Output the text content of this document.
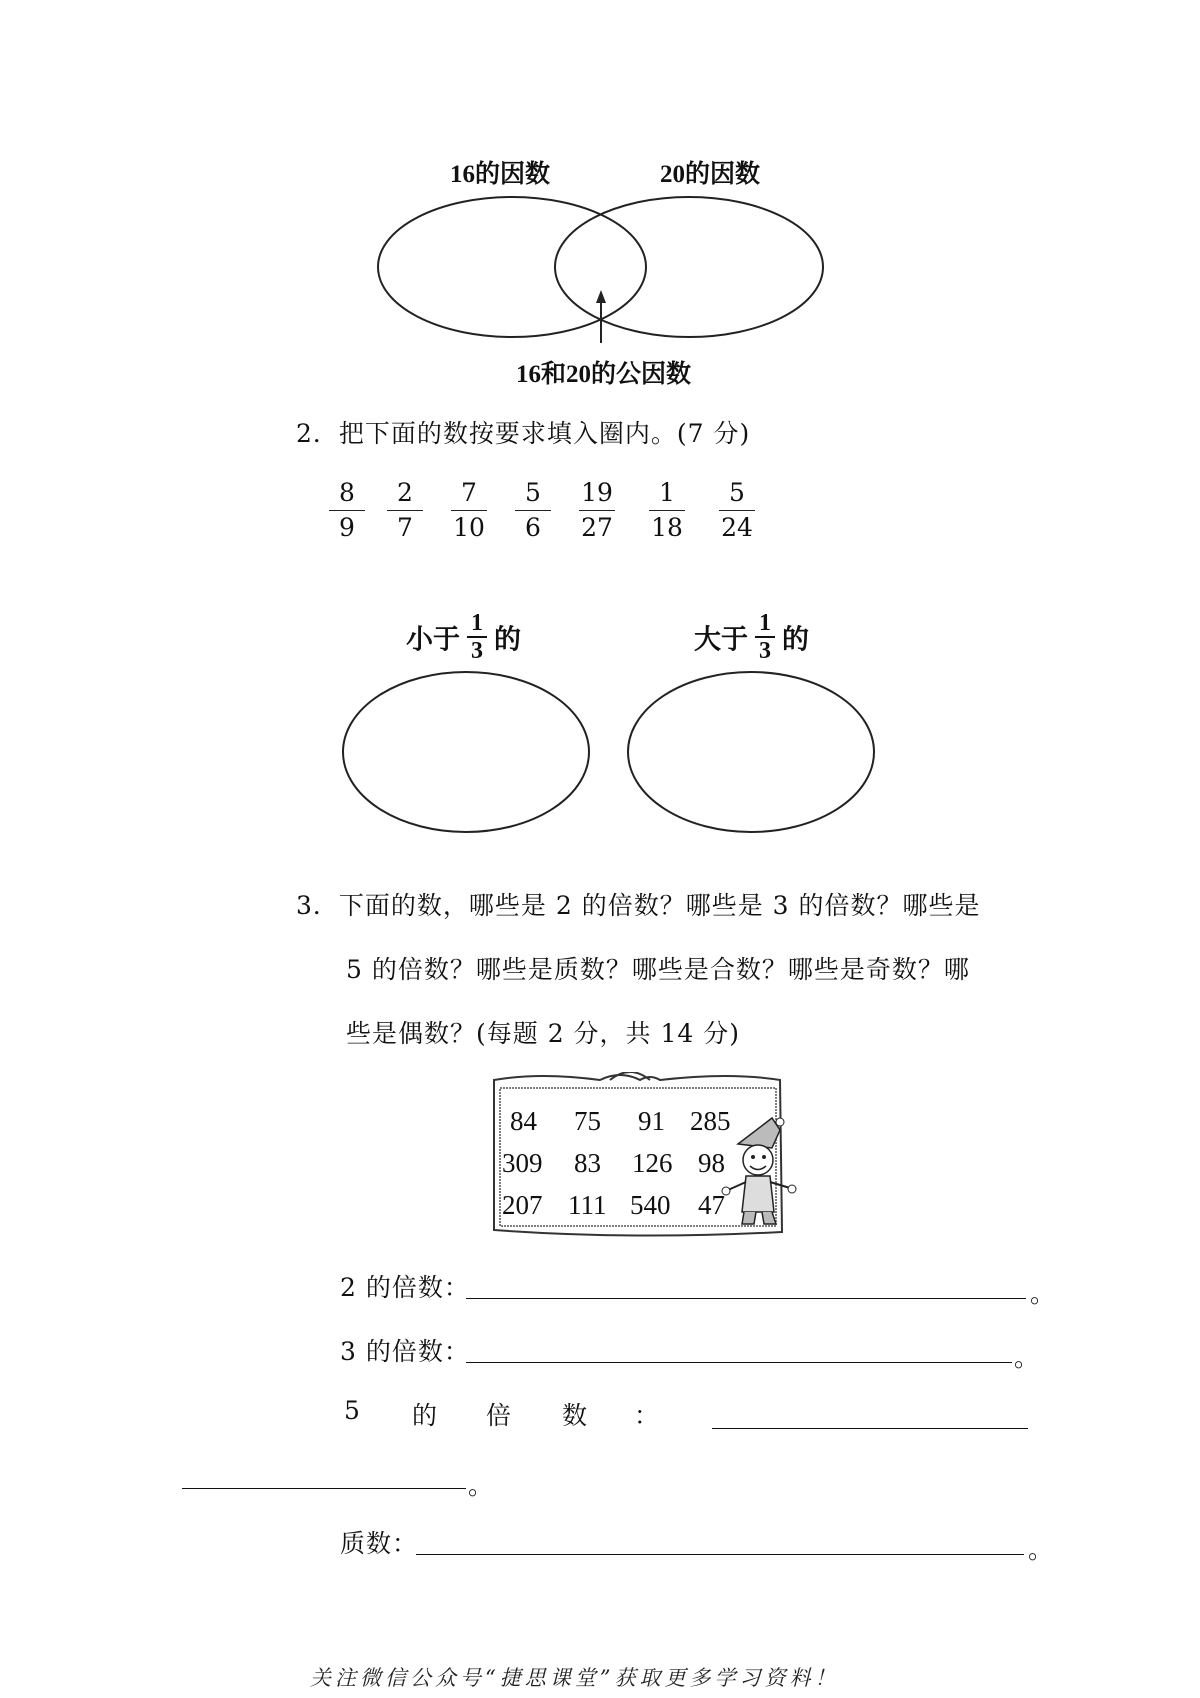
16的因数	20的因数
16和20的公因数
2．把下面的数按要求填入圈内。(7 分)
8
9
2
7
7
10
5
6
19
27
1
18
5
24
小于 $\frac{1}{3}$ 的	大于 $\frac{1}{3}$ 的
3．下面的数，哪些是 2 的倍数？哪些是 3 的倍数？哪些是
5 的倍数？哪些是质数？哪些是合数？哪些是奇数？哪
些是偶数？(每题 2 分，共 14 分)
84 75 91 285
309 83 126 98
207 111 540 47
2 的倍数：	。
3 的倍数：	。
5 的 倍 数 ：
。
质数：	。
关注微信公众号“捷思课堂”获取更多学习资料！
